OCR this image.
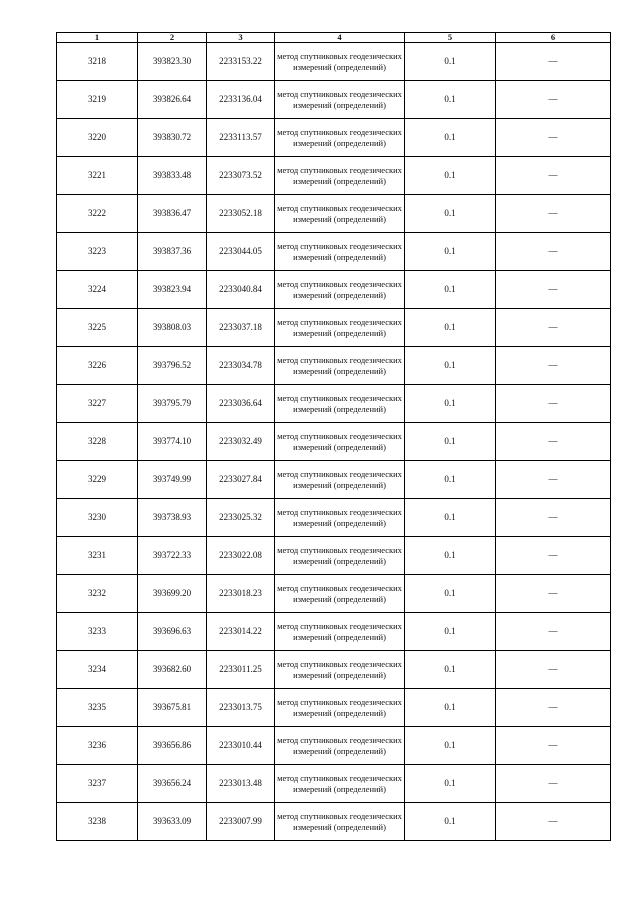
1	2	3	4	5	6
3218	393823.30	2233153.22	метод спутниковых геодезических измерений (определений)	0.1	—
3219	393826.64	2233136.04	метод спутниковых геодезических измерений (определений)	0.1	—
3220	393830.72	2233113.57	метод спутниковых геодезических измерений (определений)	0.1	—
3221	393833.48	2233073.52	метод спутниковых геодезических измерений (определений)	0.1	—
3222	393836.47	2233052.18	метод спутниковых геодезических измерений (определений)	0.1	—
3223	393837.36	2233044.05	метод спутниковых геодезических измерений (определений)	0.1	—
3224	393823.94	2233040.84	метод спутниковых геодезических измерений (определений)	0.1	—
3225	393808.03	2233037.18	метод спутниковых геодезических измерений (определений)	0.1	—
3226	393796.52	2233034.78	метод спутниковых геодезических измерений (определений)	0.1	—
3227	393795.79	2233036.64	метод спутниковых геодезических измерений (определений)	0.1	—
3228	393774.10	2233032.49	метод спутниковых геодезических измерений (определений)	0.1	—
3229	393749.99	2233027.84	метод спутниковых геодезических измерений (определений)	0.1	—
3230	393738.93	2233025.32	метод спутниковых геодезических измерений (определений)	0.1	—
3231	393722.33	2233022.08	метод спутниковых геодезических измерений (определений)	0.1	—
3232	393699.20	2233018.23	метод спутниковых геодезических измерений (определений)	0.1	—
3233	393696.63	2233014.22	метод спутниковых геодезических измерений (определений)	0.1	—
3234	393682.60	2233011.25	метод спутниковых геодезических измерений (определений)	0.1	—
3235	393675.81	2233013.75	метод спутниковых геодезических измерений (определений)	0.1	—
3236	393656.86	2233010.44	метод спутниковых геодезических измерений (определений)	0.1	—
3237	393656.24	2233013.48	метод спутниковых геодезических измерений (определений)	0.1	—
3238	393633.09	2233007.99	метод спутниковых геодезических измерений (определений)	0.1	—
